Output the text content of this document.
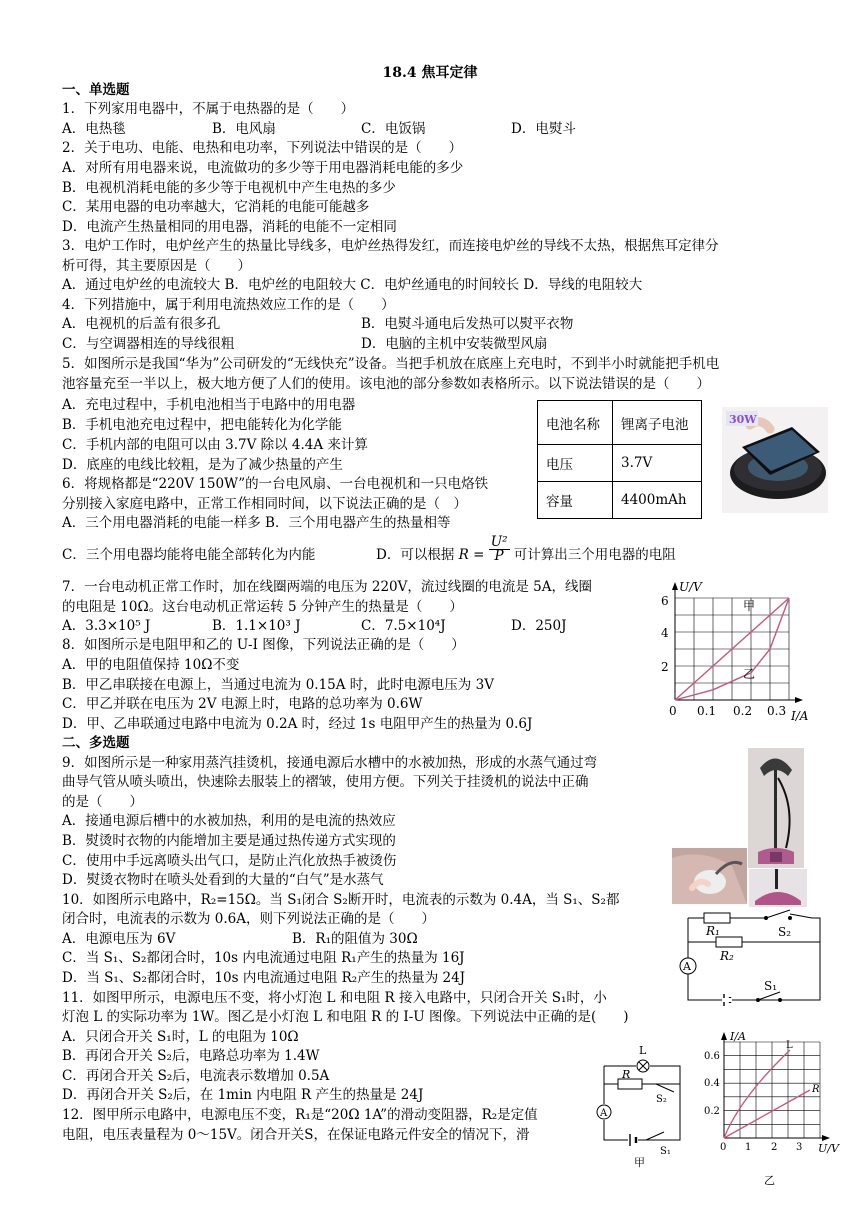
18.4 焦耳定律
一、单选题
1．下列家用电器中，不属于电热器的是（　　）
A．电热毯	B．电风扇	C．电饭锅	D．电熨斗
2．关于电功、电能、电热和电功率，下列说法中错误的是（　　）
A．对所有用电器来说，电流做功的多少等于用电器消耗电能的多少
B．电视机消耗电能的多少等于电视机中产生电热的多少
C．某用电器的电功率越大，它消耗的电能可能越多
D．电流产生热量相同的用电器，消耗的电能不一定相同
3．电炉工作时，电炉丝产生的热量比导线多，电炉丝热得发红，而连接电炉丝的导线不太热，根据焦耳定律分
析可得，其主要原因是（　　）
A．通过电炉丝的电流较大 B．电炉丝的电阻较大 C．电炉丝通电的时间较长 D．导线的电阻较大
4．下列措施中，属于利用电流热效应工作的是（　　）
A．电视机的后盖有很多孔	B．电熨斗通电后发热可以熨平衣物
C．与空调器相连的导线很粗	D．电脑的主机中安装微型风扇
5．如图所示是我国“华为”公司研发的“无线快充”设备。当把手机放在底座上充电时，不到半小时就能把手机电
池容量充至一半以上，极大地方便了人们的使用。该电池的部分参数如表格所示。以下说法错误的是（　　）
A．充电过程中，手机电池相当于电路中的用电器
B．手机电池充电过程中，把电能转化为化学能
C．手机内部的电阻可以由 3.7V 除以 4.4A 来计算
D．底座的电线比较粗，是为了减少热量的产生
6．将规格都是“220V 150W”的一台电风扇、一台电视机和一只电烙铁
分别接入家庭电路中，正常工作相同时间，以下说法正确的是（　）
A．三个用电器消耗的电能一样多 B．三个用电器产生的热量相等
C．三个用电器均能将电能全部转化为内能	D．可以根据 $R = \frac{\text{U²}}{P}$ 可计算出三个用电器的电阻
7．一台电动机正常工作时，加在线圈两端的电压为 220V，流过线圈的电流是 5A，线圈
的电阻是 10Ω。这台电动机正常运转 5 分钟产生的热量是（　　）
A．3.3×10⁵ J	B．1.1×10³ J	C．7.5×10⁴J	D．250J
8．如图所示是电阻甲和乙的 U-I 图像，下列说法正确的是（　　）
A．甲的电阻值保持 10Ω不变
B．甲乙串联接在电源上，当通过电流为 0.15A 时，此时电源电压为 3V
C．甲乙并联在电压为 2V 电源上时，电路的总功率为 0.6W
D．甲、乙串联通过电路中电流为 0.2A 时，经过 1s 电阻甲产生的热量为 0.6J
二、多选题
9．如图所示是一种家用蒸汽挂烫机，接通电源后水槽中的水被加热，形成的水蒸气通过弯
曲导气管从喷头喷出，快速除去服装上的褶皱，使用方便。下列关于挂烫机的说法中正确
的是（　　）
A．接通电源后槽中的水被加热，利用的是电流的热效应
B．熨烫时衣物的内能增加主要是通过热传递方式实现的
C．使用中手远离喷头出气口，是防止汽化放热手被烫伤
D．熨烫衣物时在喷头处看到的大量的“白气”是水蒸气
10．如图所示电路中，R₂=15Ω。当 S₁闭合 S₂断开时，电流表的示数为 0.4A，当 S₁、S₂都
闭合时，电流表的示数为 0.6A，则下列说法正确的是（　　）
A．电源电压为 6V	B．R₁的阻值为 30Ω
C．当 S₁、S₂都闭合时，10s 内电流通过电阻 R₁产生的热量为 16J
D．当 S₁、S₂都闭合时，10s 内电流通过电阻 R₂产生的热量为 24J
11．如图甲所示，电源电压不变，将小灯泡 L 和电阻 R 接入电路中，只闭合开关 S₁时，小
灯泡 L 的实际功率为 1W。图乙是小灯泡 L 和电阻 R 的 I-U 图像。下列说法中正确的是(　　)
A．只闭合开关 S₁时，L 的电阻为 10Ω
B．再闭合开关 S₂后，电路总功率为 1.4W
C．再闭合开关 S₂后，电流表示数增加 0.5A
D．再闭合开关 S₂后，在 1min 内电阻 R 产生的热量是 24J
12．图甲所示电路中，电源电压不变，R₁是“20Ω 1A”的滑动变阻器，R₂是定值
电阻，电压表量程为 0～15V。闭合开关S，在保证电路元件安全的情况下，滑
电池名称	锂离子电池
电压	3.7V
容量	4400mAh
30W
U/V
I/A
2
4
6
0 0.1 0.2 0.3
甲
乙
R₁	S₂
R₂
A
S₁
L
R
S₂
A
S₁
甲
I/A
U/V
0.2
0.4
0.6
0 1 2 3
L
R
乙
